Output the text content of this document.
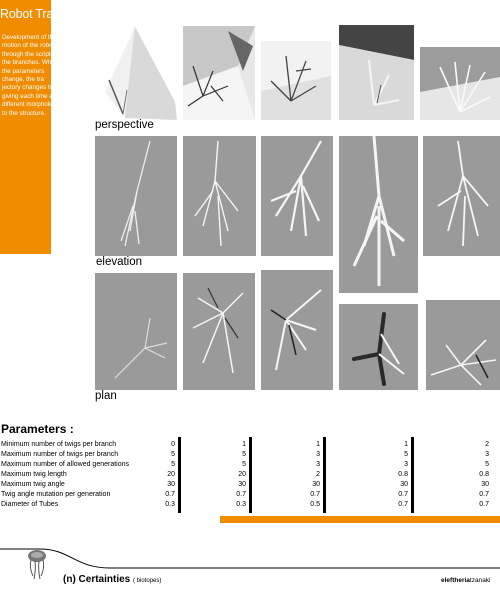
Robot Trajectory
Development of the motion of the robot through the script of the branches. When the parameters change, the tra jectory changes too, giving each time a different morphology to the structure.
perspective
elevation
plan
Parameters :
Minimum number of twigs per branch	0	1	1	1	2
Maximum number of twigs per branch	5	5	3	5	3
Maximum number of allowed generations	5	5	3	3	5
Maximum twig length	20	20	2	0.8	0.8
Maximum twig angle	30	30	30	30	30
Twig angle mutation per generation	0.7	0.7	0.7	0.7	0.7
Diameter of Tubes	0.3	0.3	0.5	0.7	0.7
(n) Certainties ( biotopes)	eleftheriatzanaki
